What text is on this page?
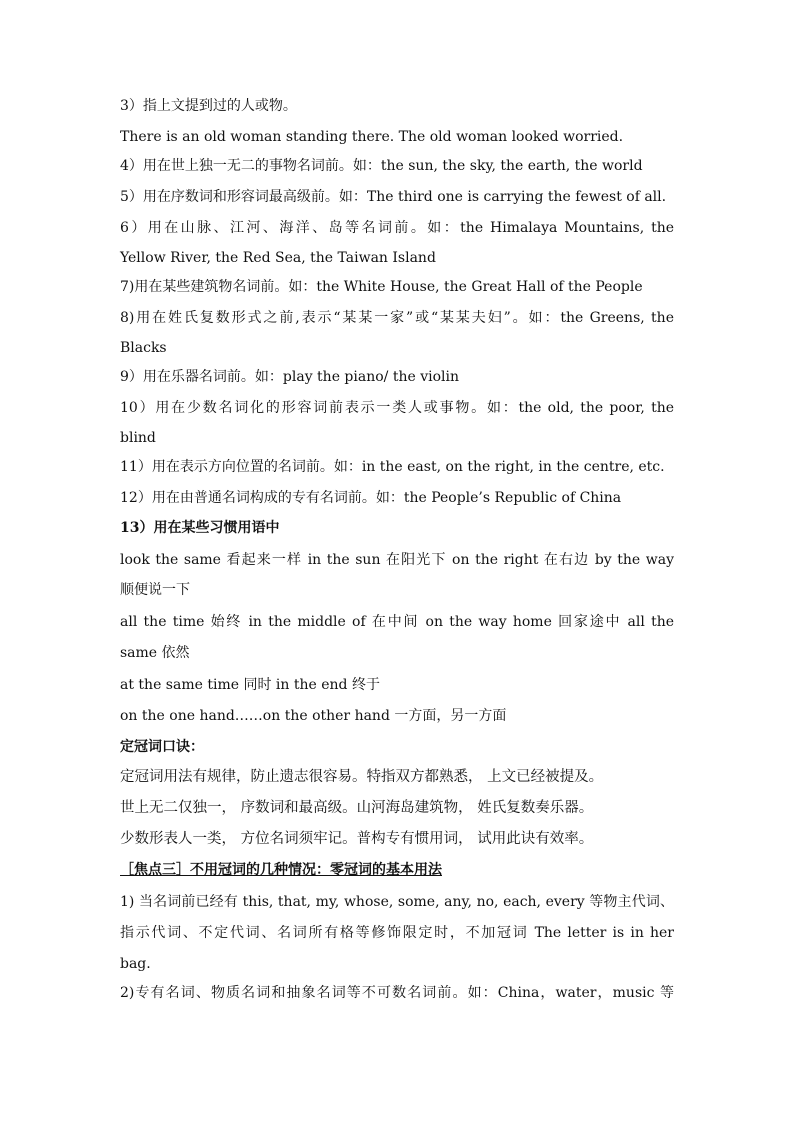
3）指上文提到过的人或物。
There is an old woman standing there. The old woman looked worried.
4）用在世上独一无二的事物名词前。如：the sun, the sky, the earth, the world
5）用在序数词和形容词最高级前。如：The third one is carrying the fewest of all.
6）用在山脉、江河、海洋、岛等名词前。如：the Himalaya Mountains, the
Yellow River, the Red Sea, the Taiwan Island
7)用在某些建筑物名词前。如：the White House, the Great Hall of the People
8)用在姓氏复数形式之前,表示“某某一家”或“某某夫妇”。如：the Greens, the
Blacks
9）用在乐器名词前。如：play the piano/ the violin
10）用在少数名词化的形容词前表示一类人或事物。如：the old, the poor, the
blind
11）用在表示方向位置的名词前。如：in the east, on the right, in the centre, etc.
12）用在由普通名词构成的专有名词前。如：the People’s Republic of China
13）用在某些习惯用语中
look the same 看起来一样 in the sun 在阳光下 on the right 在右边 by the way
顺便说一下
all the time 始终 in the middle of 在中间 on the way home 回家途中 all the
same 依然
at the same time 同时 in the end 终于
on the one hand……on the other hand 一方面，另一方面
定冠词口诀：
定冠词用法有规律，防止遗志很容易。特指双方都熟悉， 上文已经被提及。
世上无二仅独一， 序数词和最高级。山河海岛建筑物， 姓氏复数奏乐器。
少数形表人一类， 方位名词须牢记。普构专有惯用词， 试用此诀有效率。
［焦点三］不用冠词的几种情况：零冠词的基本用法
1) 当名词前已经有 this, that, my, whose, some, any, no, each, every 等物主代词、
指示代词、不定代词、名词所有格等修饰限定时，不加冠词 The letter is in her
bag.
2)专有名词、物质名词和抽象名词等不可数名词前。如：China，water，music 等
